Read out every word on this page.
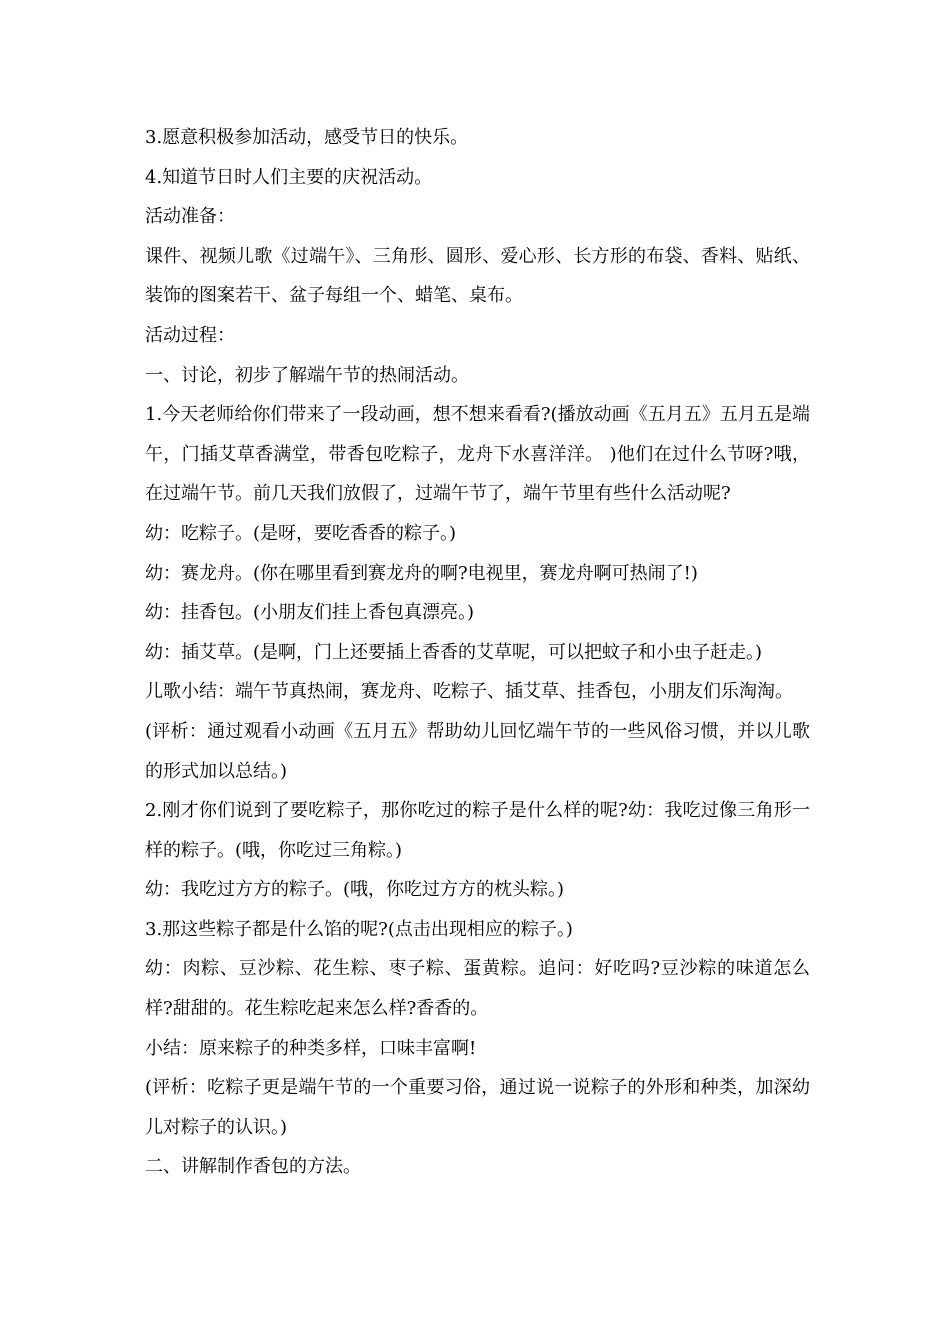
3.愿意积极参加活动，感受节日的快乐。

4.知道节日时人们主要的庆祝活动。

活动准备：

课件、视频儿歌《过端午》、三角形、圆形、爱心形、长方形的布袋、香料、贴纸、装饰的图案若干、盆子每组一个、蜡笔、桌布。

活动过程：

一、讨论，初步了解端午节的热闹活动。

1.今天老师给你们带来了一段动画，想不想来看看?(播放动画《五月五》五月五是端午，门插艾草香满堂，带香包吃粽子，龙舟下水喜洋洋。 )他们在过什么节呀?哦，在过端午节。前几天我们放假了，过端午节了，端午节里有些什么活动呢?

幼：吃粽子。(是呀，要吃香香的粽子。)

幼：赛龙舟。(你在哪里看到赛龙舟的啊?电视里，赛龙舟啊可热闹了!)

幼：挂香包。(小朋友们挂上香包真漂亮。)

幼：插艾草。(是啊，门上还要插上香香的艾草呢，可以把蚊子和小虫子赶走。)

儿歌小结：端午节真热闹，赛龙舟、吃粽子、插艾草、挂香包，小朋友们乐淘淘。

(评析：通过观看小动画《五月五》帮助幼儿回忆端午节的一些风俗习惯，并以儿歌的形式加以总结。)

2.刚才你们说到了要吃粽子，那你吃过的粽子是什么样的呢?幼：我吃过像三角形一样的粽子。(哦，你吃过三角粽。)

幼：我吃过方方的粽子。(哦，你吃过方方的枕头粽。)

3.那这些粽子都是什么馅的呢?(点击出现相应的粽子。)

幼：肉粽、豆沙粽、花生粽、枣子粽、蛋黄粽。追问：好吃吗?豆沙粽的味道怎么样?甜甜的。花生粽吃起来怎么样?香香的。

小结：原来粽子的种类多样，口味丰富啊!

(评析：吃粽子更是端午节的一个重要习俗，通过说一说粽子的外形和种类，加深幼儿对粽子的认识。)

二、讲解制作香包的方法。
